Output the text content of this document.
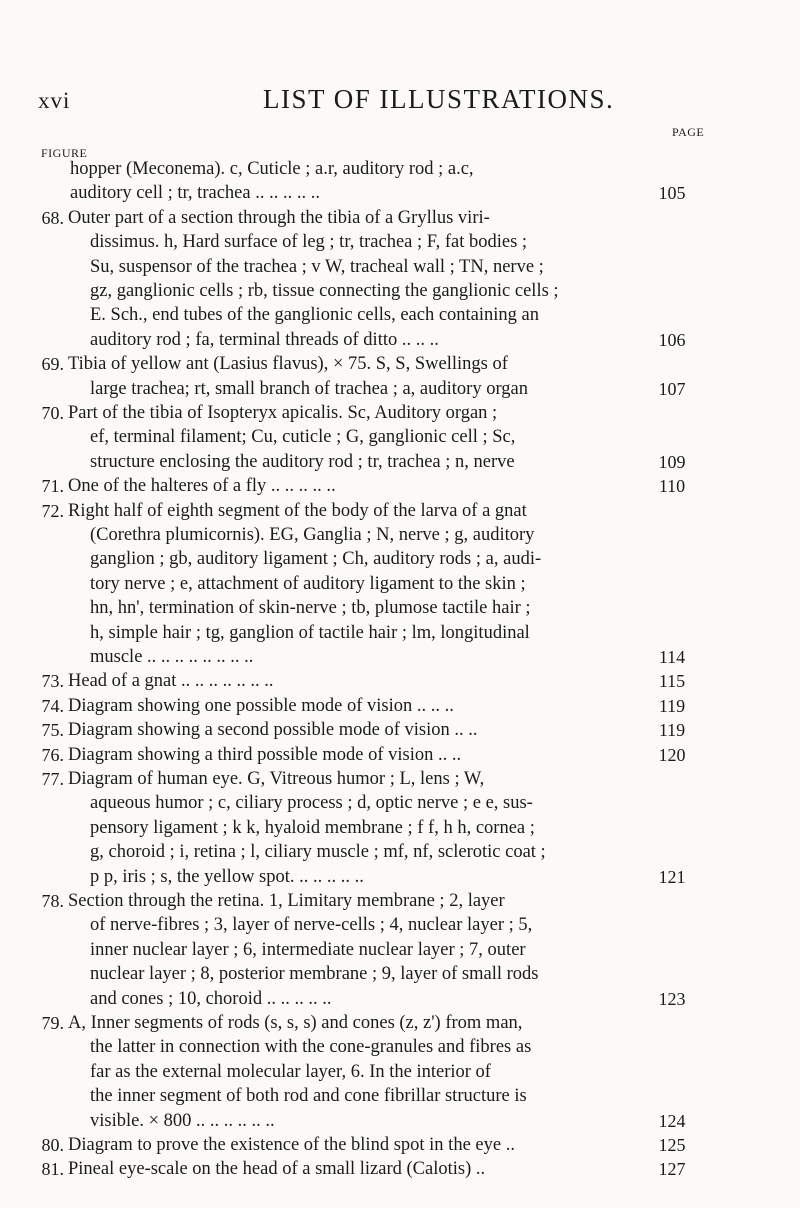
xvi	LIST OF ILLUSTRATIONS.
FIGURE
PAGE
hopper (Meconema). c, Cuticle ; a.r, auditory rod ; a.c,
auditory cell ; tr, trachea .. .. .. .. ..	105
68. Outer part of a section through the tibia of a Gryllus viri-
dissimus. h, Hard surface of leg ; tr, trachea ; F, fat bodies ;
Su, suspensor of the trachea ; v W, tracheal wall ; TN, nerve ;
gz, ganglionic cells ; rb, tissue connecting the ganglionic cells ;
E. Sch., end tubes of the ganglionic cells, each containing an
auditory rod ; fa, terminal threads of ditto .. .. ..	106
69. Tibia of yellow ant (Lasius flavus), × 75. S, S, Swellings of
large trachea; rt, small branch of trachea ; a, auditory organ	107
70. Part of the tibia of Isopteryx apicalis. Sc, Auditory organ ;
ef, terminal filament; Cu, cuticle ; G, ganglionic cell ; Sc,
structure enclosing the auditory rod ; tr, trachea ; n, nerve	109
71. One of the halteres of a fly .. .. .. .. ..	110
72. Right half of eighth segment of the body of the larva of a gnat
(Corethra plumicornis). EG, Ganglia ; N, nerve ; g, auditory
ganglion ; gb, auditory ligament ; Ch, auditory rods ; a, audi-
tory nerve ; e, attachment of auditory ligament to the skin ;
hn, hn', termination of skin-nerve ; tb, plumose tactile hair ;
h, simple hair ; tg, ganglion of tactile hair ; lm, longitudinal
muscle .. .. .. .. .. .. .. ..	114
73. Head of a gnat .. .. .. .. .. .. ..	115
74. Diagram showing one possible mode of vision .. .. ..	119
75. Diagram showing a second possible mode of vision .. ..	119
76. Diagram showing a third possible mode of vision .. ..	120
77. Diagram of human eye. G, Vitreous humor ; L, lens ; W,
aqueous humor ; c, ciliary process ; d, optic nerve ; e e, sus-
pensory ligament ; k k, hyaloid membrane ; f f, h h, cornea ;
g, choroid ; i, retina ; l, ciliary muscle ; mf, nf, sclerotic coat ;
p p, iris ; s, the yellow spot. .. .. .. .. ..	121
78. Section through the retina. 1, Limitary membrane ; 2, layer
of nerve-fibres ; 3, layer of nerve-cells ; 4, nuclear layer ; 5,
inner nuclear layer ; 6, intermediate nuclear layer ; 7, outer
nuclear layer ; 8, posterior membrane ; 9, layer of small rods
and cones ; 10, choroid .. .. .. .. ..	123
79. A, Inner segments of rods (s, s, s) and cones (z, z') from man,
the latter in connection with the cone-granules and fibres as
far as the external molecular layer, 6. In the interior of
the inner segment of both rod and cone fibrillar structure is
visible. × 800 .. .. .. .. .. ..	124
80. Diagram to prove the existence of the blind spot in the eye ..	125
81. Pineal eye-scale on the head of a small lizard (Calotis) ..	127
